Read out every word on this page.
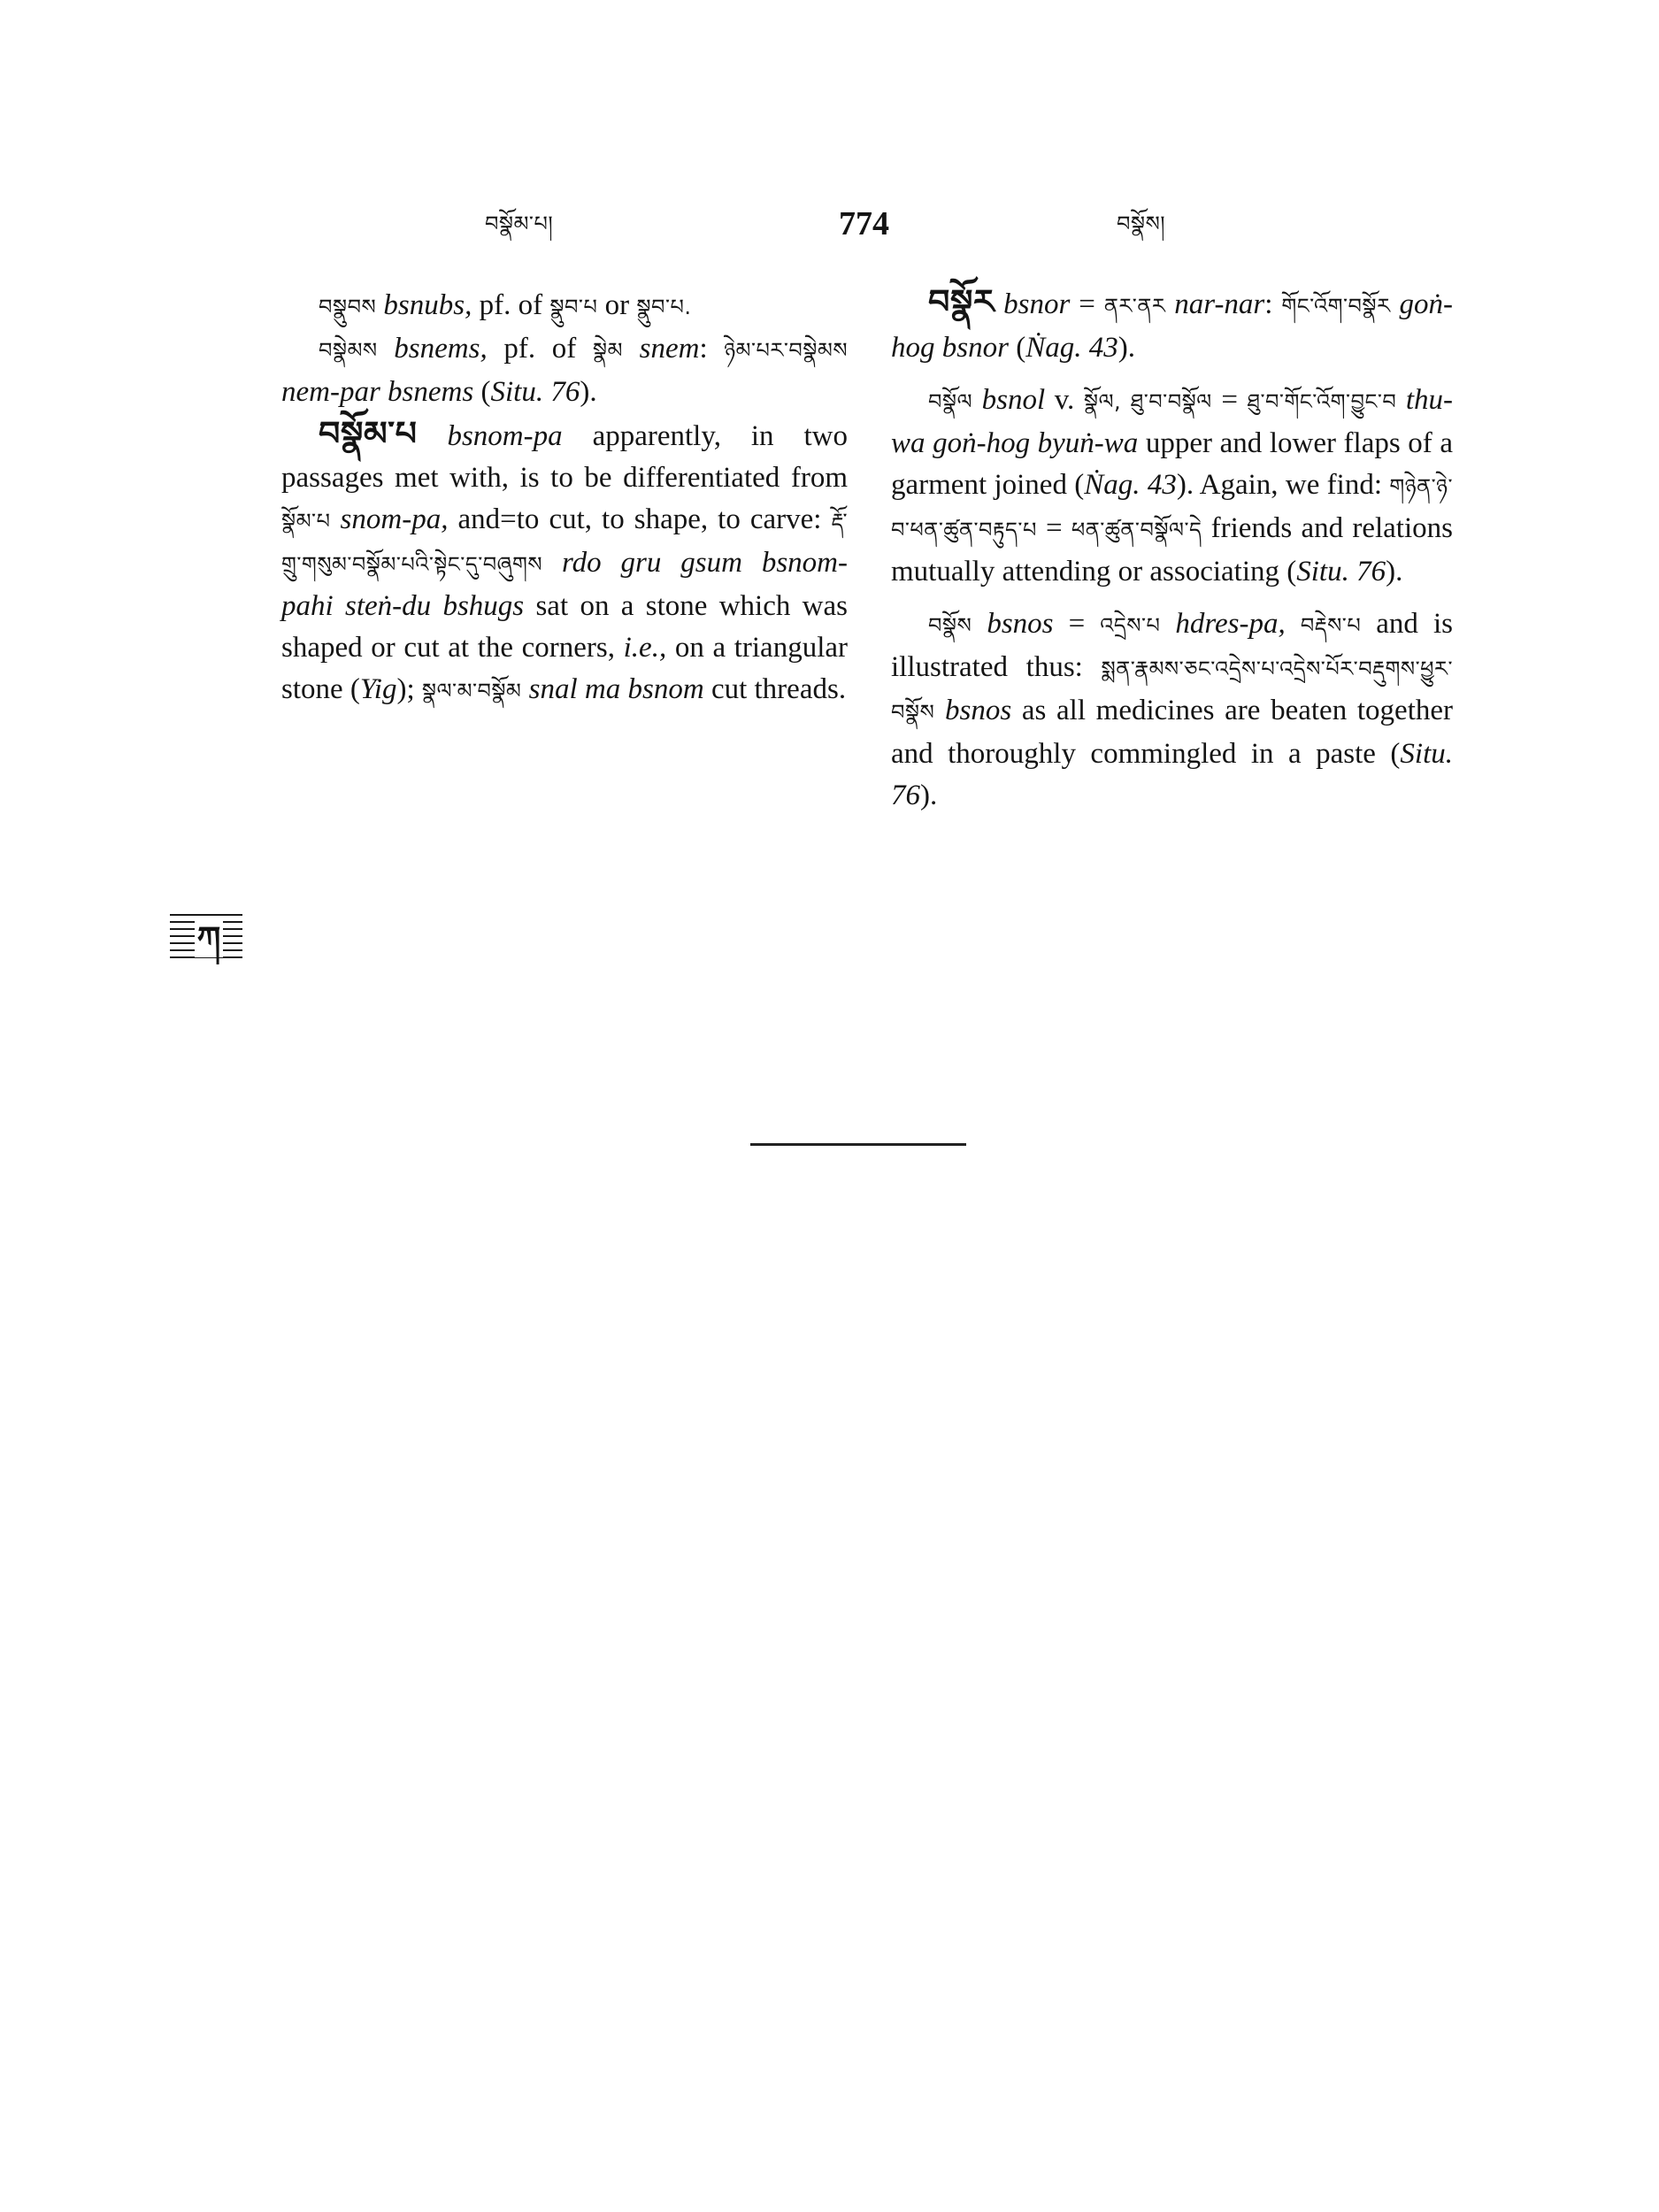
བསྣོམ་པ།	774	བསྣོས།

བསྣུབས bsnubs, pf. of སྣུབ་པ or སྣུབ་པ.

བསྣེམས bsnems, pf. of སྣེམ snem: ཉེམ་པར་བསྣེམས nem-par bsnems (Situ. 76).

བསྣོམ་པ bsnom-pa apparently, in two passages met with, is to be differentiated from སྣོམ་པ snom-pa, and=to cut, to shape, to carve: རྡོ་གྲུ་གསུམ་བསྣོམ་པའི་སྟེང་དུ་བཞུགས rdo gru gsum bsnom-pahi steṅ-du bshugs sat on a stone which was shaped or cut at the corners, i.e., on a triangular stone (Yig); སྣལ་མ་བསྣོམ snal ma bsnom cut threads.

བསྣོར bsnor = ནར་ནར nar-nar: གོང་འོག་བསྣོར goṅ-hog bsnor (Ṅag. 43).

བསྣོལ bsnol v. སྣོལ, ཐུ་བ་བསྣོལ = ཐུ་བ་གོང་འོག་བྱུང་བ thu-wa goṅ-hog byuṅ-wa upper and lower flaps of a garment joined (Ṅag. 43). Again, we find: གཉེན་ཉེ་བ་ཕན་ཚུན་བརྟུད་པ = ཕན་ཚུན་བསྣོལ་དེ friends and relations mutually attending or associating (Situ. 76).

བསྣོས bsnos = འདྲེས་པ hdres-pa, བརྡེས་པ and is illustrated thus: སྨན་རྣམས་ཅང་འདྲེས་པ་འདྲེས་པོར་བརྡུགས་ཕྱུར་བསྣོས bsnos as all medicines are beaten together and thoroughly commingled in a paste (Situ. 76).

ཀ
